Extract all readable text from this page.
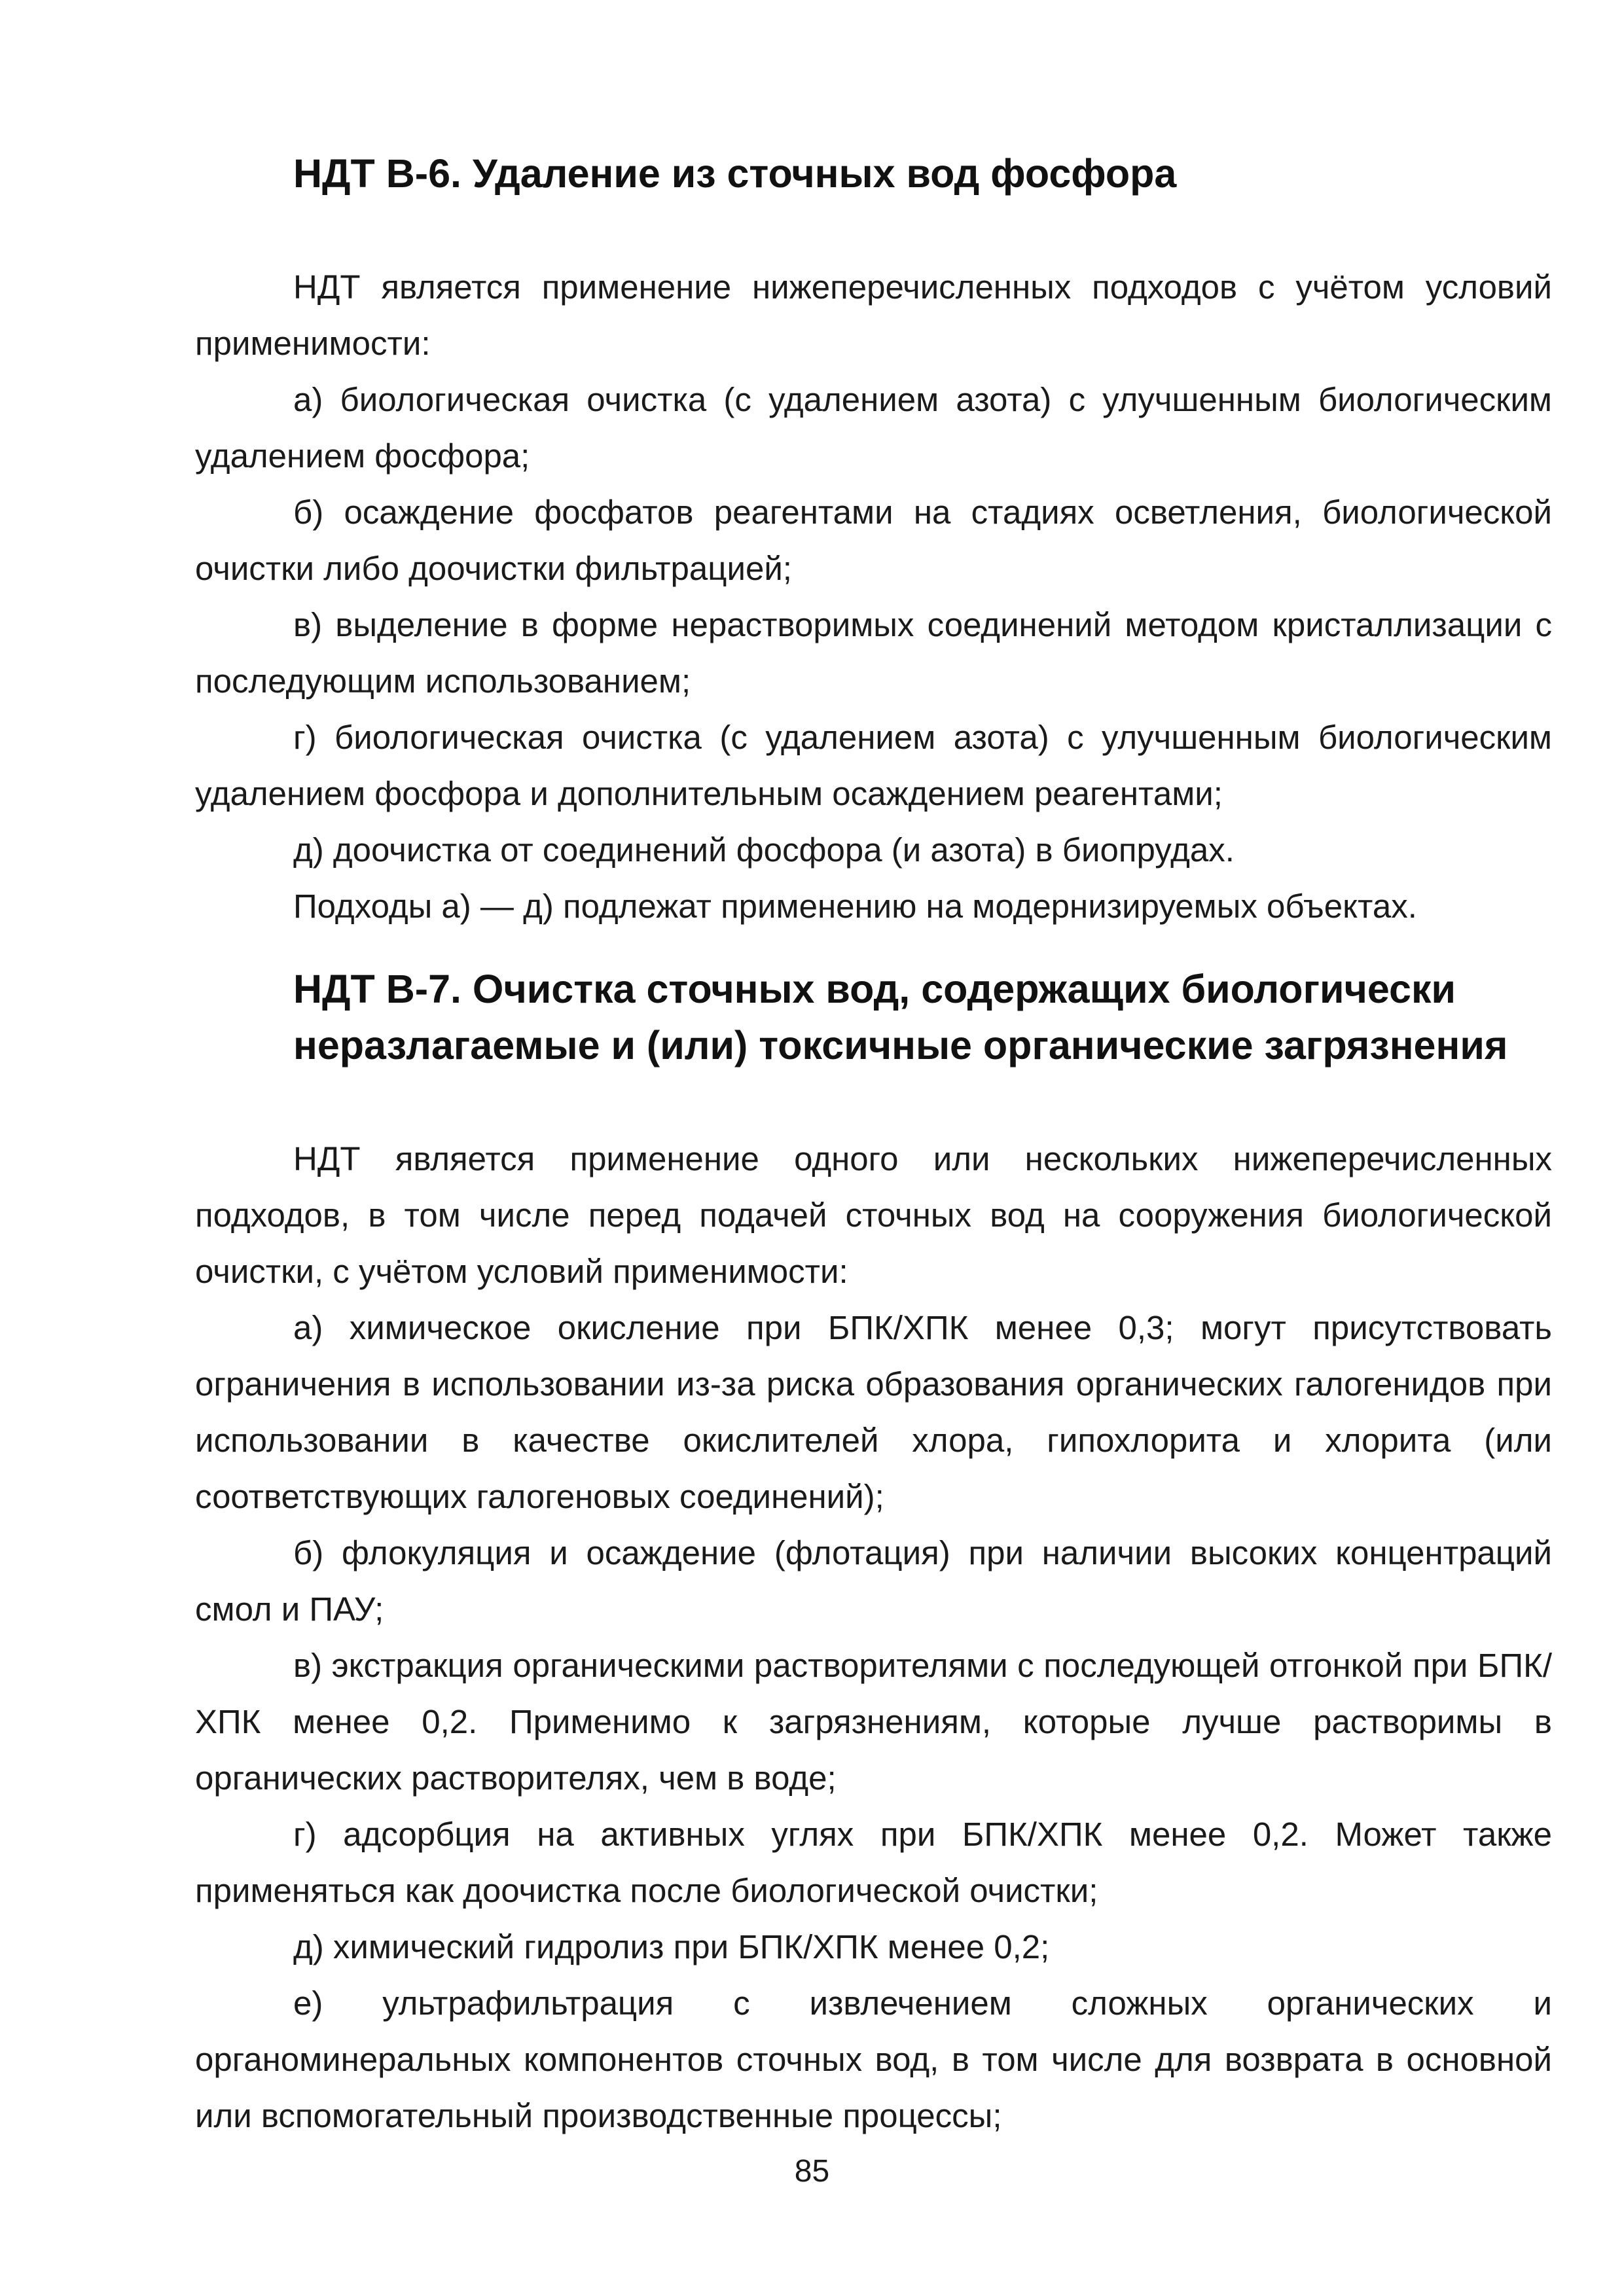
НДТ В-6. Удаление из сточных вод фосфора

НДТ является применение нижеперечисленных подходов с учётом условий применимости:

а) биологическая очистка (с удалением азота) с улучшенным биологическим удалением фосфора;

б) осаждение фосфатов реагентами на стадиях осветления, биологической очистки либо доочистки фильтрацией;

в) выделение в форме нерастворимых соединений методом кристаллизации с последующим использованием;

г) биологическая очистка (с удалением азота) с улучшенным биологическим удалением фосфора и дополнительным осаждением реагентами;

д) доочистка от соединений фосфора (и азота) в биопрудах.

Подходы а) — д) подлежат применению на модернизируемых объектах.

НДТ В-7. Очистка сточных вод, содержащих биологически неразлагаемые и (или) токсичные органические загрязнения

НДТ является применение одного или нескольких нижеперечисленных подходов, в том числе перед подачей сточных вод на сооружения биологической очистки, с учётом условий применимости:

а) химическое окисление при БПК/ХПК менее 0,3; могут присутствовать ограничения в использовании из-за риска образования органических галогенидов при использовании в качестве окислителей хлора, гипохлорита и хлорита (или соответствующих галогеновых соединений);

б) флокуляция и осаждение (флотация) при наличии высоких концентраций смол и ПАУ;

в) экстракция органическими растворителями с последующей отгонкой при БПК/ХПК менее 0,2. Применимо к загрязнениям, которые лучше растворимы в органических растворителях, чем в воде;

г) адсорбция на активных углях при БПК/ХПК менее 0,2. Может также применяться как доочистка после биологической очистки;

д) химический гидролиз при БПК/ХПК менее 0,2;

е) ультрафильтрация с извлечением сложных органических и органоминеральных компонентов сточных вод, в том числе для возврата в основной или вспомогательный производственные процессы;

85
